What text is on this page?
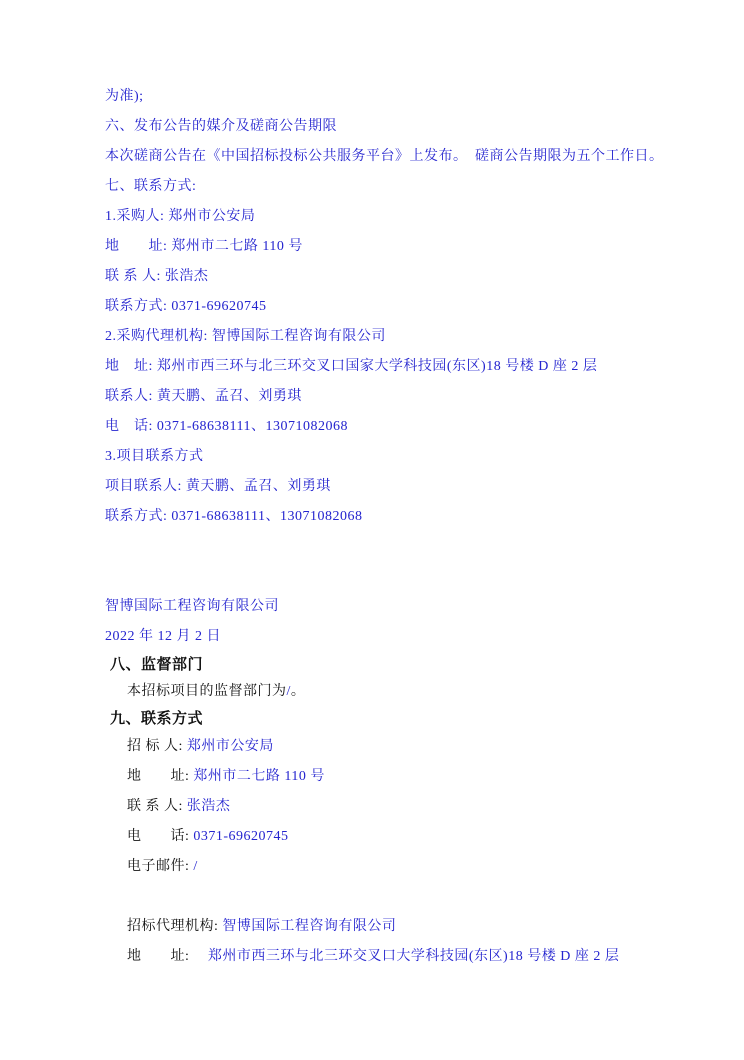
为准);
六、发布公告的媒介及磋商公告期限
本次磋商公告在《中国招标投标公共服务平台》上发布。　磋商公告期限为五个工作日。
七、联系方式:
1.采购人: 郑州市公安局
地　　址: 郑州市二七路 110 号
联 系 人: 张浩杰
联系方式: 0371-69620745
2.采购代理机构: 智博国际工程咨询有限公司
地　址: 郑州市西三环与北三环交叉口国家大学科技园(东区)18 号楼 D 座 2 层
联系人: 黄天鹏、孟召、刘勇琪
电　话: 0371-68638111、13071082068
3.项目联系方式
项目联系人: 黄天鹏、孟召、刘勇琪
联系方式: 0371-68638111、13071082068
智博国际工程咨询有限公司
2022 年 12 月 2 日
八、监督部门
本招标项目的监督部门为/。
九、联系方式
招 标 人: 郑州市公安局
地　　址: 郑州市二七路 110 号
联 系 人: 张浩杰
电　　话: 0371-69620745
电子邮件: /
招标代理机构: 智博国际工程咨询有限公司
地　　址: 　郑州市西三环与北三环交叉口大学科技园(东区)18 号楼 D 座 2 层
